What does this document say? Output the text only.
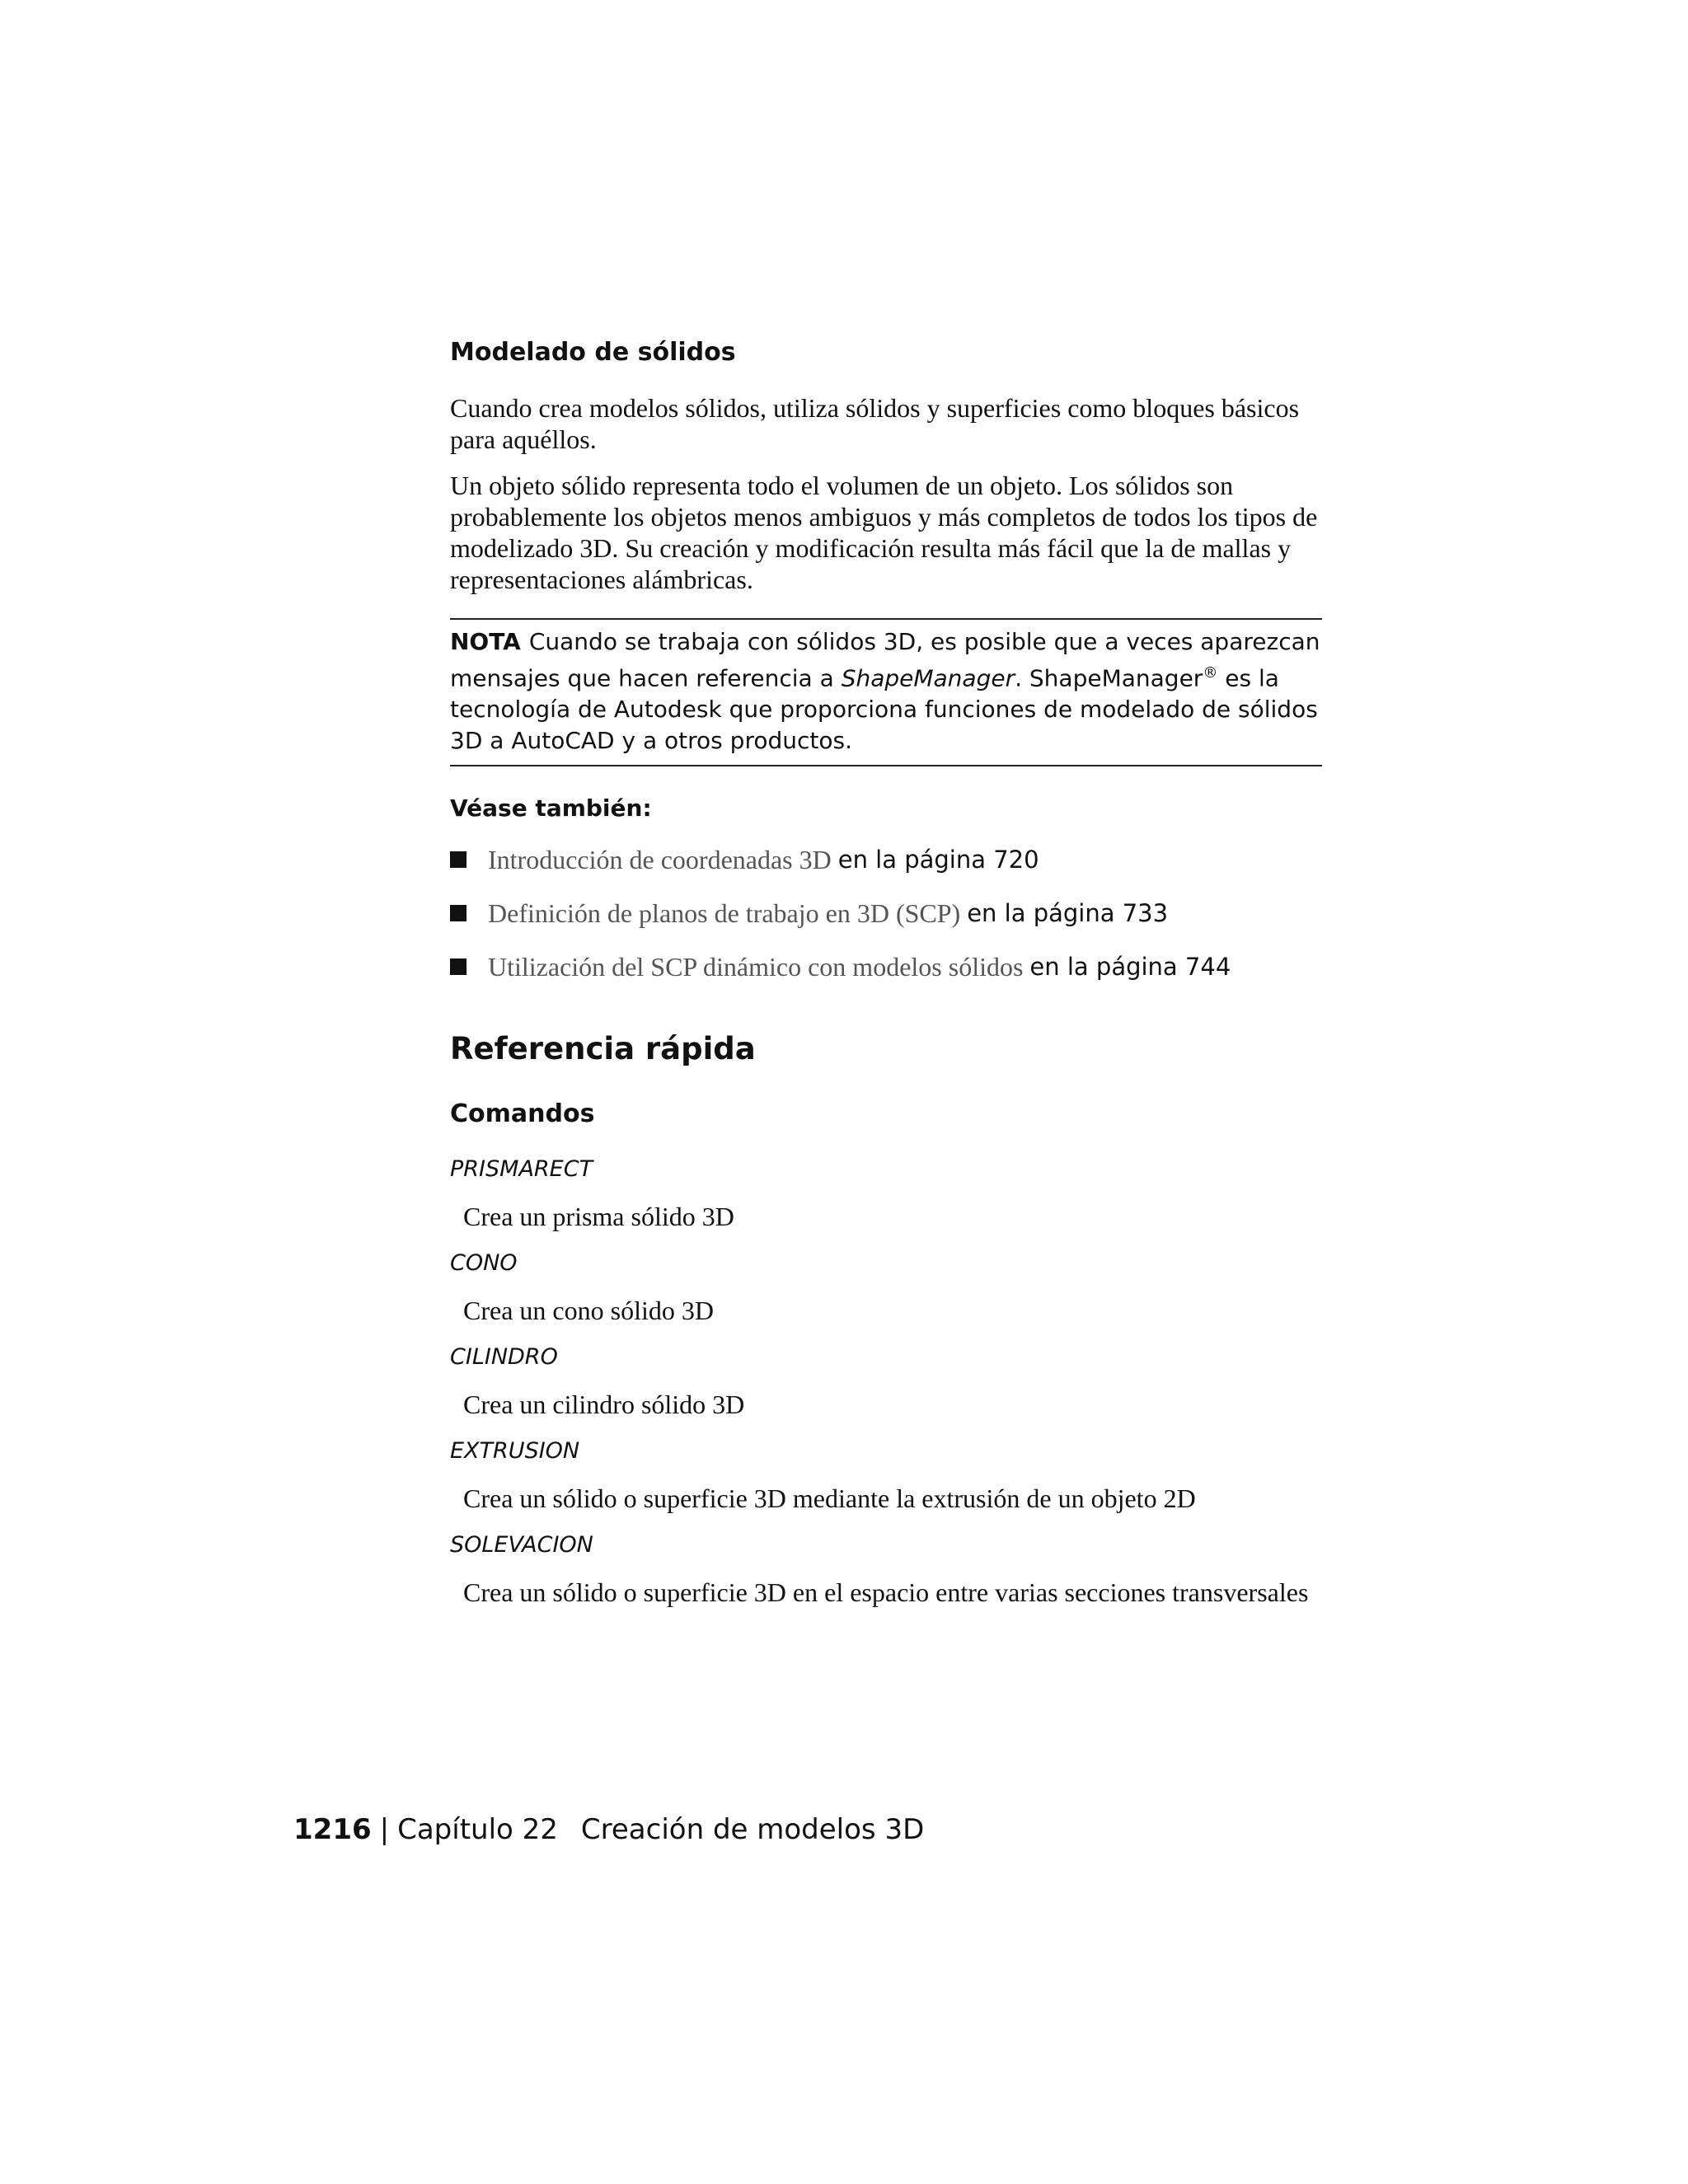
Modelado de sólidos

Cuando crea modelos sólidos, utiliza sólidos y superficies como bloques básicos para aquéllos.

Un objeto sólido representa todo el volumen de un objeto. Los sólidos son probablemente los objetos menos ambiguos y más completos de todos los tipos de modelizado 3D. Su creación y modificación resulta más fácil que la de mallas y representaciones alámbricas.

NOTA Cuando se trabaja con sólidos 3D, es posible que a veces aparezcan mensajes que hacen referencia a ShapeManager. ShapeManager® es la tecnología de Autodesk que proporciona funciones de modelado de sólidos 3D a AutoCAD y a otros productos.
Véase también:
Introducción de coordenadas 3D en la página 720
Definición de planos de trabajo en 3D (SCP) en la página 733
Utilización del SCP dinámico con modelos sólidos en la página 744
Referencia rápida
Comandos
PRISMARECT
Crea un prisma sólido 3D
CONO
Crea un cono sólido 3D
CILINDRO
Crea un cilindro sólido 3D
EXTRUSION
Crea un sólido o superficie 3D mediante la extrusión de un objeto 2D
SOLEVACION
Crea un sólido o superficie 3D en el espacio entre varias secciones transversales
1216 | Capítulo 22 Creación de modelos 3D
